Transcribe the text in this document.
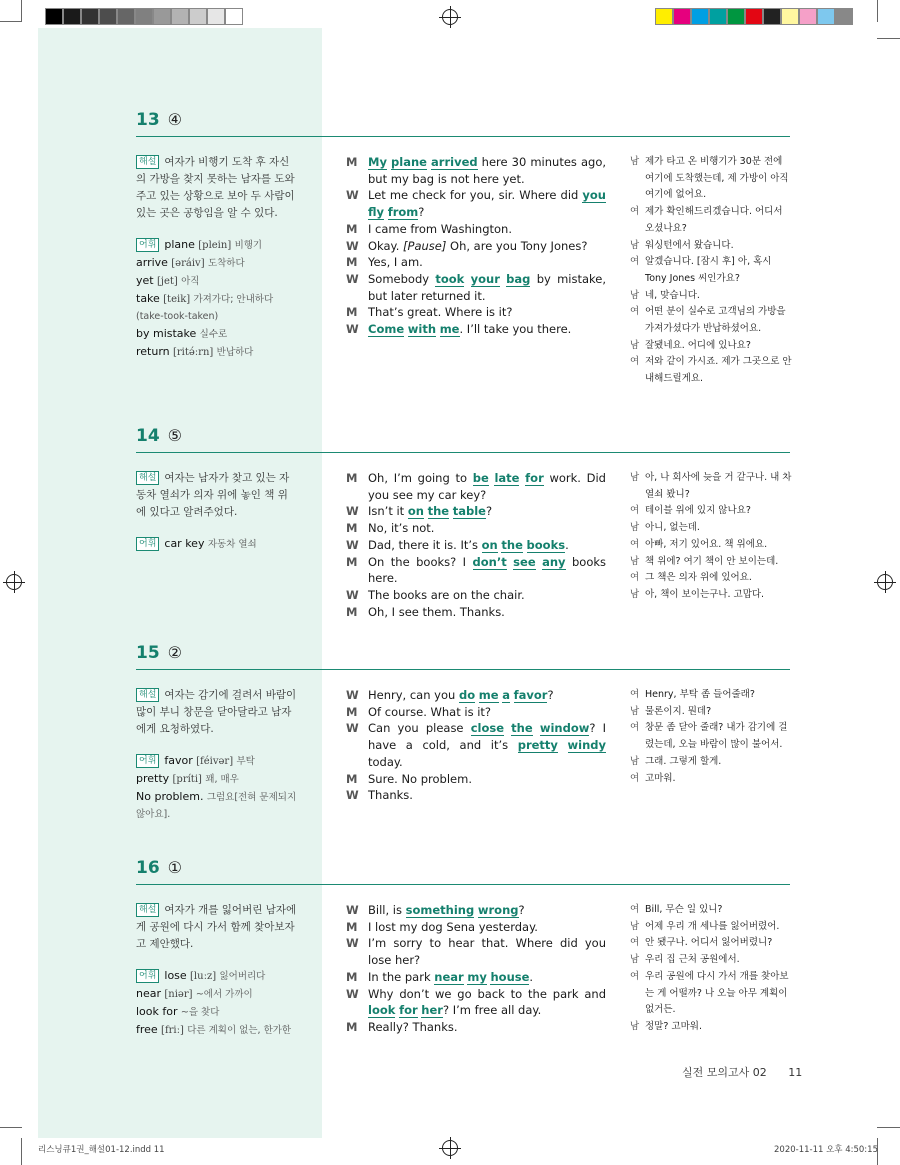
13 ④
해설 여자가 비행기 도착 후 자신의 가방을 찾지 못하는 남자를 도와주고 있는 상황으로 보아 두 사람이 있는 곳은 공항임을 알 수 있다.
어휘 plane [plein] 비행기
arrive [əráiv] 도착하다
yet [jet] 아직
take [teik] 가져가다; 안내하다 (take-took-taken)
by mistake 실수로
return [ritə́ːrn] 반납하다
M My plane arrived here 30 minutes ago, but my bag is not here yet.
W Let me check for you, sir. Where did you fly from?
M I came from Washington.
W Okay. [Pause] Oh, are you Tony Jones?
M Yes, I am.
W Somebody took your bag by mistake, but later returned it.
M That’s great. Where is it?
W Come with me. I’ll take you there.
남 제가 타고 온 비행기가 30분 전에 여기에 도착했는데, 제 가방이 아직 여기에 없어요.
여 제가 확인해드리겠습니다. 어디서 오셨나요?
남 워싱턴에서 왔습니다.
여 알겠습니다. [잠시 후] 아, 혹시 Tony Jones 씨인가요?
남 네, 맞습니다.
여 어떤 분이 실수로 고객님의 가방을 가져가셨다가 반납하셨어요.
남 잘됐네요. 어디에 있나요?
여 저와 같이 가시죠. 제가 그곳으로 안내해드릴게요.
14 ⑤
해설 여자는 남자가 찾고 있는 자동차 열쇠가 의자 위에 놓인 책 위에 있다고 알려주었다.
어휘 car key 자동차 열쇠
M Oh, I’m going to be late for work. Did you see my car key?
W Isn’t it on the table?
M No, it’s not.
W Dad, there it is. It’s on the books.
M On the books? I don’t see any books here.
W The books are on the chair.
M Oh, I see them. Thanks.
남 아, 나 회사에 늦을 거 같구나. 내 차 열쇠 봤니?
여 테이블 위에 있지 않나요?
남 아니, 없는데.
여 아빠, 저기 있어요. 책 위에요.
남 책 위에? 여기 책이 안 보이는데.
여 그 책은 의자 위에 있어요.
남 아, 책이 보이는구나. 고맙다.
15 ②
해설 여자는 감기에 걸려서 바람이 많이 부니 창문을 닫아달라고 남자에게 요청하였다.
어휘 favor [féivər] 부탁
pretty [príti] 꽤, 매우
No problem. 그럼요[전혀 문제되지 않아요].
W Henry, can you do me a favor?
M Of course. What is it?
W Can you please close the window? I have a cold, and it’s pretty windy today.
M Sure. No problem.
W Thanks.
여 Henry, 부탁 좀 들어줄래?
남 물론이지. 뭔데?
여 창문 좀 닫아 줄래? 내가 감기에 걸렸는데, 오늘 바람이 많이 불어서.
남 그래. 그렇게 할게.
여 고마워.
16 ①
해설 여자가 개를 잃어버린 남자에게 공원에 다시 가서 함께 찾아보자고 제안했다.
어휘 lose [luːz] 잃어버리다
near [niər] ~에서 가까이
look for ~을 찾다
free [friː] 다른 계획이 없는, 한가한
W Bill, is something wrong?
M I lost my dog Sena yesterday.
W I’m sorry to hear that. Where did you lose her?
M In the park near my house.
W Why don’t we go back to the park and look for her? I’m free all day.
M Really? Thanks.
여 Bill, 무슨 일 있니?
남 어제 우리 개 세나를 잃어버렸어.
여 안 됐구나. 어디서 잃어버렸니?
남 우리 집 근처 공원에서.
여 우리 공원에 다시 가서 개를 찾아보는 게 어떨까? 나 오늘 아무 계획이 없거든.
남 정말? 고마워.
실전 모의고사 02 11
리스닝큐1권_해설01-12.indd 11	2020-11-11 오후 4:50:15
